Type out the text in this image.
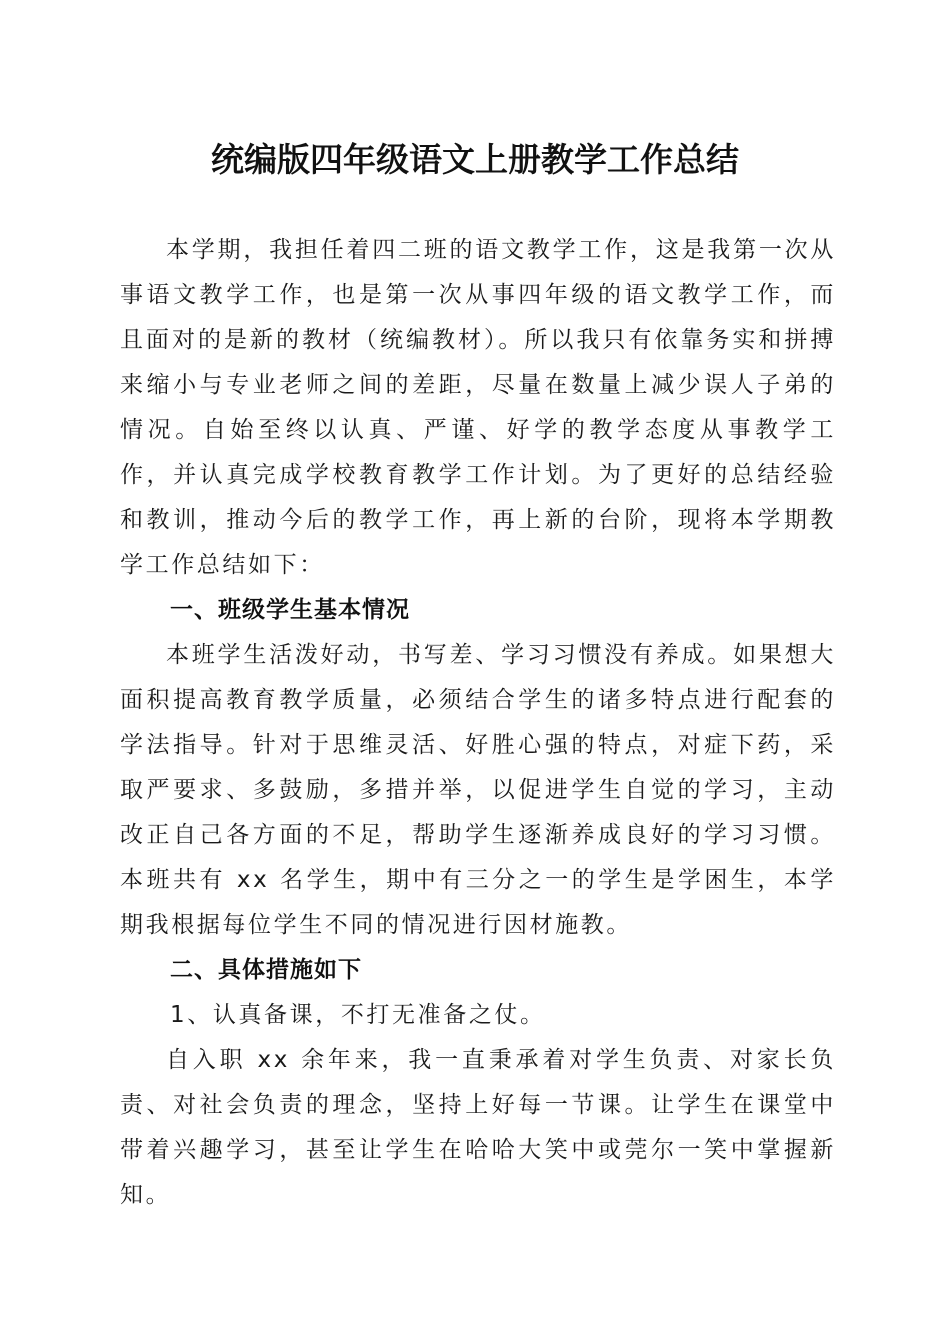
统编版四年级语文上册教学工作总结

本学期，我担任着四二班的语文教学工作，这是我第一次从事语文教学工作，也是第一次从事四年级的语文教学工作，而且面对的是新的教材（统编教材）。所以我只有依靠务实和拼搏来缩小与专业老师之间的差距，尽量在数量上减少误人子弟的情况。自始至终以认真、严谨、好学的教学态度从事教学工作，并认真完成学校教育教学工作计划。为了更好的总结经验和教训，推动今后的教学工作，再上新的台阶，现将本学期教学工作总结如下：

一、班级学生基本情况

本班学生活泼好动，书写差、学习习惯没有养成。如果想大面积提高教育教学质量，必须结合学生的诸多特点进行配套的学法指导。针对于思维灵活、好胜心强的特点，对症下药，采取严要求、多鼓励，多措并举，以促进学生自觉的学习，主动改正自己各方面的不足，帮助学生逐渐养成良好的学习习惯。本班共有 xx 名学生，期中有三分之一的学生是学困生，本学期我根据每位学生不同的情况进行因材施教。

二、具体措施如下

1、认真备课，不打无准备之仗。

自入职 xx 余年来，我一直秉承着对学生负责、对家长负责、对社会负责的理念，坚持上好每一节课。让学生在课堂中带着兴趣学习，甚至让学生在哈哈大笑中或莞尔一笑中掌握新知。
